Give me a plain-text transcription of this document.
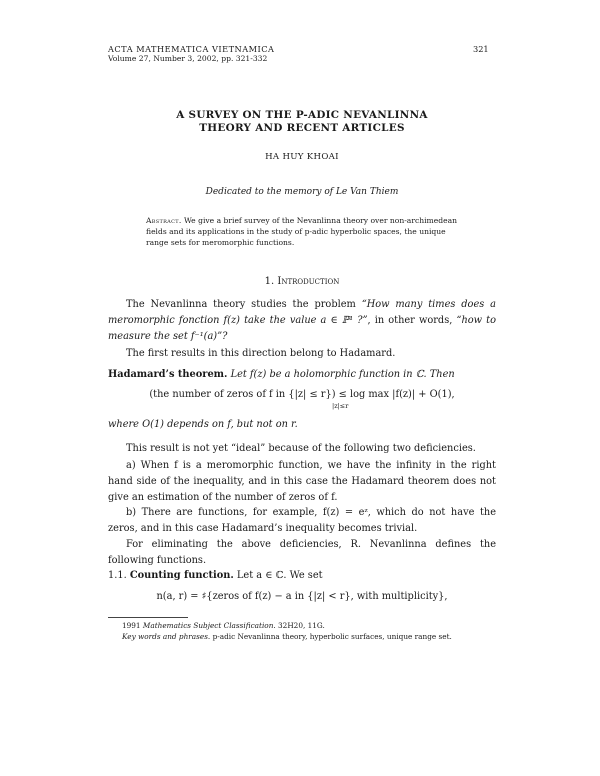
ACTA MATHEMATICA VIETNAMICA
Volume 27, Number 3, 2002, pp. 321-332
321
A SURVEY ON THE P-ADIC NEVANLINNA
THEORY AND RECENT ARTICLES
HA HUY KHOAI
Dedicated to the memory of Le Van Thiem
Abstract. We give a brief survey of the Nevanlinna theory over non-archimedean fields and its applications in the study of p-adic hyperbolic spaces, the unique range sets for meromorphic functions.
1. Introduction
The Nevanlinna theory studies the problem “How many times does a meromorphic fonction f(z) take the value a ∈ ℙ¹ ?”, in other words, “how to measure the set f⁻¹(a)”?
The first results in this direction belong to Hadamard.
Hadamard’s theorem. Let f(z) be a holomorphic function in ℂ. Then
(the number of zeros of f in {|z| ≤ r}) ≤ log max |f(z)| + O(1),
|z|≤r
where O(1) depends on f, but not on r.
This result is not yet “ideal” because of the following two deficiencies.
a) When f is a meromorphic function, we have the infinity in the right hand side of the inequality, and in this case the Hadamard theorem does not give an estimation of the number of zeros of f.
b) There are functions, for example, f(z) = eᶻ, which do not have the zeros, and in this case Hadamard’s inequality becomes trivial.
For eliminating the above deficiencies, R. Nevanlinna defines the following functions.
1.1. Counting function. Let a ∈ ℂ. We set
n(a, r) = ♯{zeros of f(z) − a in {|z| < r}, with multiplicity},
1991 Mathematics Subject Classification. 32H20, 11G.
Key words and phrases. p-adic Nevanlinna theory, hyperbolic surfaces, unique range set.
